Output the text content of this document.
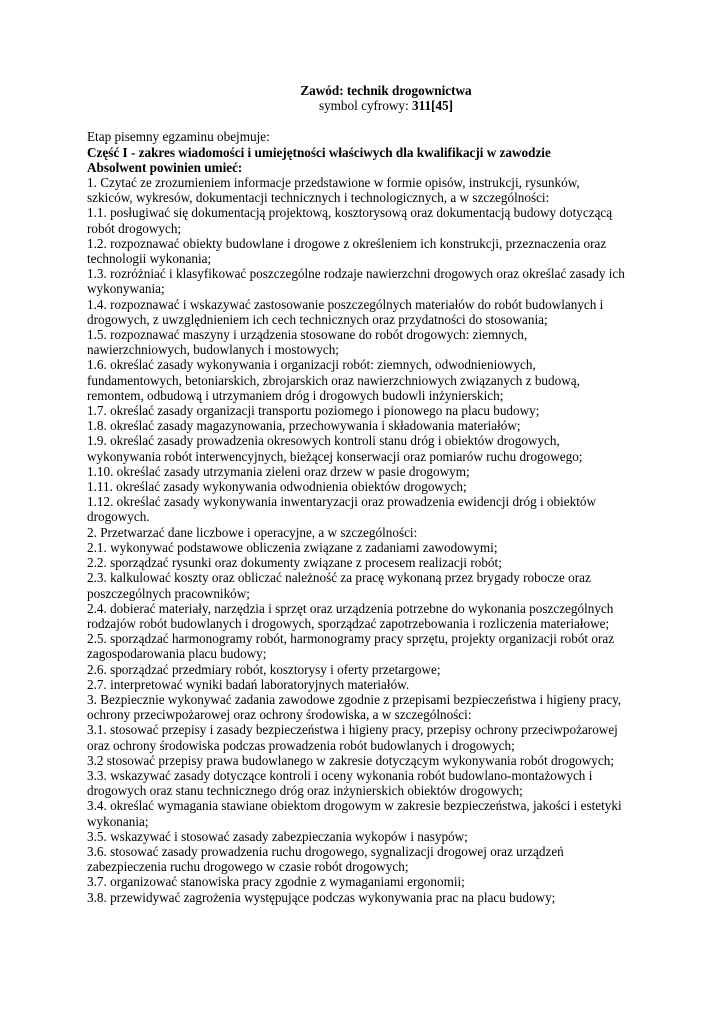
Zawód: technik drogownictwa
symbol cyfrowy: 311[45]
Etap pisemny egzaminu obejmuje:
Część I - zakres wiadomości i umiejętności właściwych dla kwalifikacji w zawodzie
Absolwent powinien umieć:
1. Czytać ze zrozumieniem informacje przedstawione w formie opisów, instrukcji, rysunków,
szkiców, wykresów, dokumentacji technicznych i technologicznych, a w szczególności:
1.1. posługiwać się dokumentacją projektową, kosztorysową oraz dokumentacją budowy dotyczącą
robót drogowych;
1.2. rozpoznawać obiekty budowlane i drogowe z określeniem ich konstrukcji, przeznaczenia oraz
technologii wykonania;
1.3. rozróżniać i klasyfikować poszczególne rodzaje nawierzchni drogowych oraz określać zasady ich
wykonywania;
1.4. rozpoznawać i wskazywać zastosowanie poszczególnych materiałów do robót budowlanych i
drogowych, z uwzględnieniem ich cech technicznych oraz przydatności do stosowania;
1.5. rozpoznawać maszyny i urządzenia stosowane do robót drogowych: ziemnych,
nawierzchniowych, budowlanych i mostowych;
1.6. określać zasady wykonywania i organizacji robót: ziemnych, odwodnieniowych,
fundamentowych, betoniarskich, zbrojarskich oraz nawierzchniowych związanych z budową,
remontem, odbudową i utrzymaniem dróg i drogowych budowli inżynierskich;
1.7. określać zasady organizacji transportu poziomego i pionowego na placu budowy;
1.8. określać zasady magazynowania, przechowywania i składowania materiałów;
1.9. określać zasady prowadzenia okresowych kontroli stanu dróg i obiektów drogowych,
wykonywania robót interwencyjnych, bieżącej konserwacji oraz pomiarów ruchu drogowego;
1.10. określać zasady utrzymania zieleni oraz drzew w pasie drogowym;
1.11. określać zasady wykonywania odwodnienia obiektów drogowych;
1.12. określać zasady wykonywania inwentaryzacji oraz prowadzenia ewidencji dróg i obiektów
drogowych.
2. Przetwarzać dane liczbowe i operacyjne, a w szczególności:
2.1. wykonywać podstawowe obliczenia związane z zadaniami zawodowymi;
2.2. sporządzać rysunki oraz dokumenty związane z procesem realizacji robót;
2.3. kalkulować koszty oraz obliczać należność za pracę wykonaną przez brygady robocze oraz
poszczególnych pracowników;
2.4. dobierać materiały, narzędzia i sprzęt oraz urządzenia potrzebne do wykonania poszczególnych
rodzajów robót budowlanych i drogowych, sporządzać zapotrzebowania i rozliczenia materiałowe;
2.5. sporządzać harmonogramy robót, harmonogramy pracy sprzętu, projekty organizacji robót oraz
zagospodarowania placu budowy;
2.6. sporządzać przedmiary robót, kosztorysy i oferty przetargowe;
2.7. interpretować wyniki badań laboratoryjnych materiałów.
3. Bezpiecznie wykonywać zadania zawodowe zgodnie z przepisami bezpieczeństwa i higieny pracy,
ochrony przeciwpożarowej oraz ochrony środowiska, a w szczególności:
3.1. stosować przepisy i zasady bezpieczeństwa i higieny pracy, przepisy ochrony przeciwpożarowej
oraz ochrony środowiska podczas prowadzenia robót budowlanych i drogowych;
3.2 stosować przepisy prawa budowlanego w zakresie dotyczącym wykonywania robót drogowych;
3.3. wskazywać zasady dotyczące kontroli i oceny wykonania robót budowlano-montażowych i
drogowych oraz stanu technicznego dróg oraz inżynierskich obiektów drogowych;
3.4. określać wymagania stawiane obiektom drogowym w zakresie bezpieczeństwa, jakości i estetyki
wykonania;
3.5. wskazywać i stosować zasady zabezpieczania wykopów i nasypów;
3.6. stosować zasady prowadzenia ruchu drogowego, sygnalizacji drogowej oraz urządzeń
zabezpieczenia ruchu drogowego w czasie robót drogowych;
3.7. organizować stanowiska pracy zgodnie z wymaganiami ergonomii;
3.8. przewidywać zagrożenia występujące podczas wykonywania prac na placu budowy;
